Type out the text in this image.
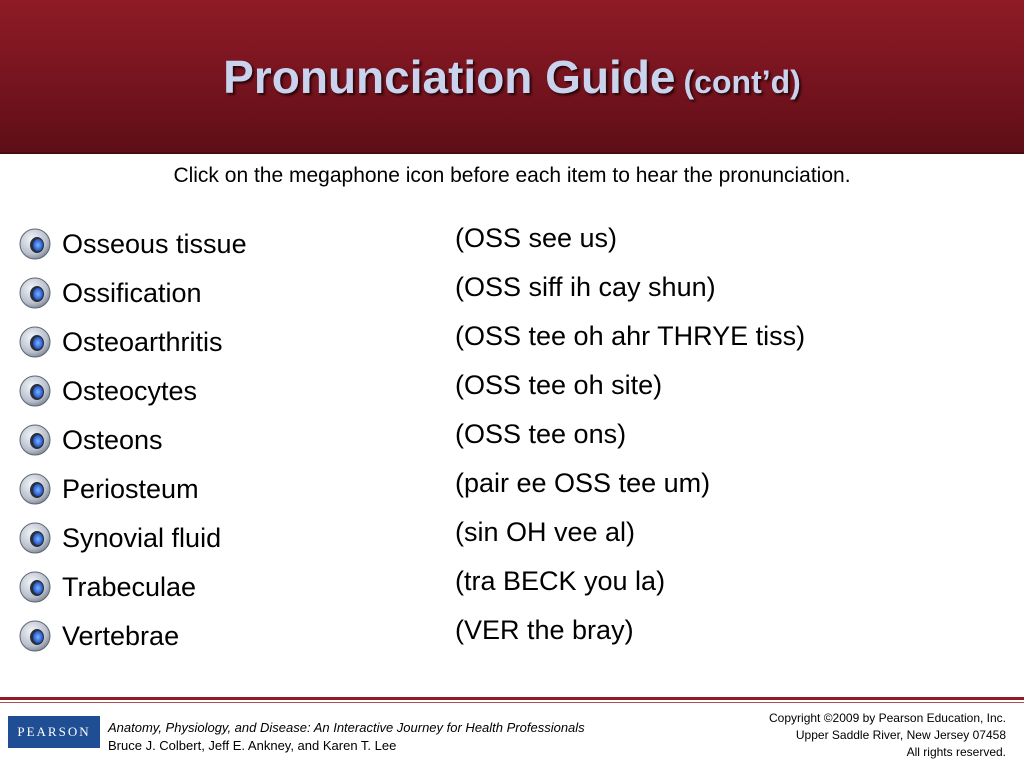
Pronunciation Guide (cont’d)
Click on the megaphone icon before each item to hear the pronunciation.
Osseous tissue
Ossification
Osteoarthritis
Osteocytes
Osteons
Periosteum
Synovial fluid
Trabeculae
Vertebrae
(OSS see us)
(OSS siff ih cay shun)
(OSS tee oh ahr THRYE tiss)
(OSS tee oh site)
(OSS tee ons)
(pair ee OSS tee um)
(sin OH vee al)
(tra BECK you la)
(VER the bray)
PEARSON	Anatomy, Physiology, and Disease: An Interactive Journey for Health Professionals
Bruce J. Colbert, Jeff E. Ankney, and Karen T. Lee
Copyright ©2009 by Pearson Education, Inc.
Upper Saddle River, New Jersey 07458
All rights reserved.
